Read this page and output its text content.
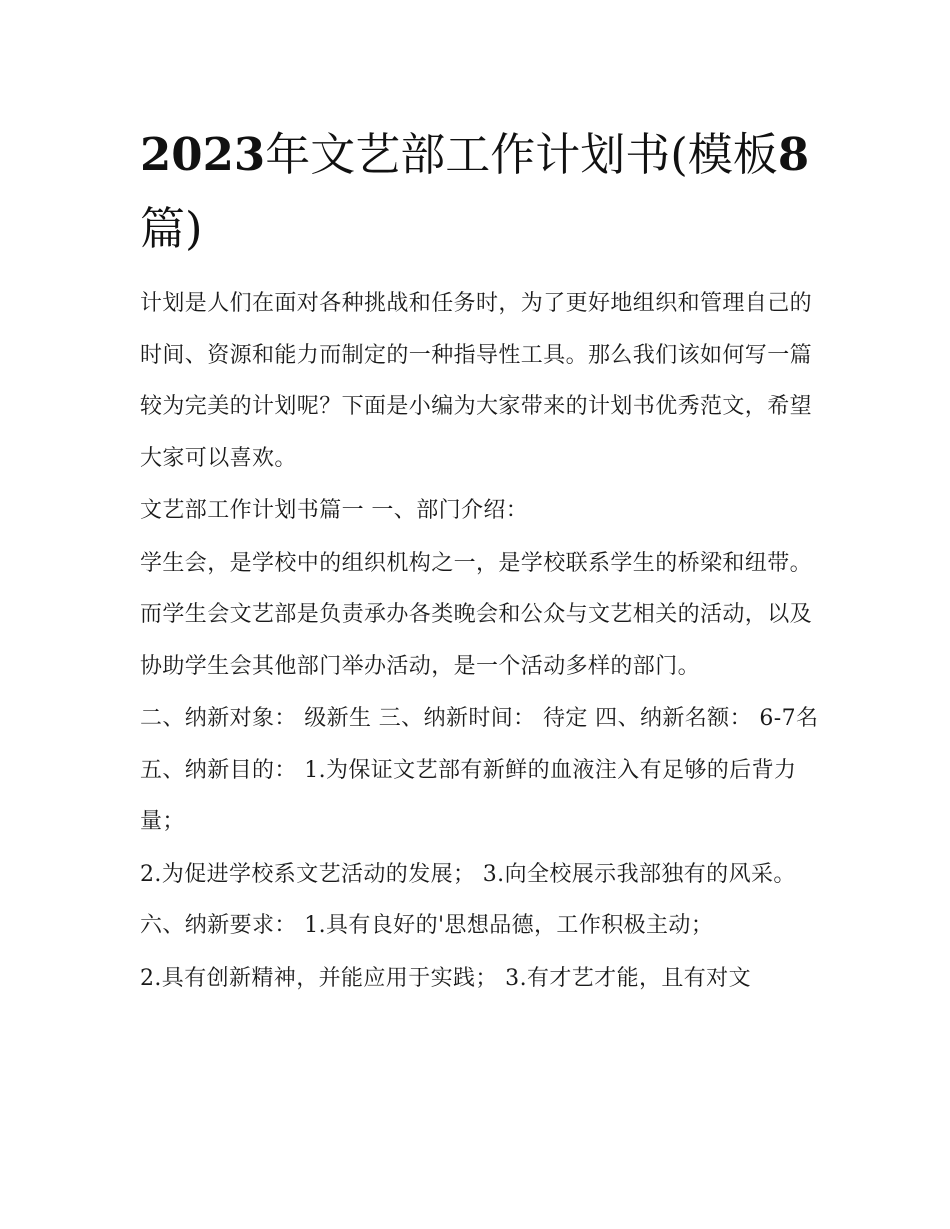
2023年文艺部工作计划书(模板8篇)

计划是人们在面对各种挑战和任务时，为了更好地组织和管理自己的时间、资源和能力而制定的一种指导性工具。那么我们该如何写一篇较为完美的计划呢？下面是小编为大家带来的计划书优秀范文，希望大家可以喜欢。

文艺部工作计划书篇一 一、部门介绍：

学生会，是学校中的组织机构之一，是学校联系学生的桥梁和纽带。而学生会文艺部是负责承办各类晚会和公众与文艺相关的活动，以及协助学生会其他部门举办活动，是一个活动多样的部门。

二、纳新对象： 级新生 三、纳新时间： 待定 四、纳新名额： 6-7名 五、纳新目的： 1.为保证文艺部有新鲜的血液注入有足够的后背力量；

2.为促进学校系文艺活动的发展； 3.向全校展示我部独有的风采。 六、纳新要求： 1.具有良好的'思想品德，工作积极主动；

2.具有创新精神，并能应用于实践； 3.有才艺才能，且有对文
